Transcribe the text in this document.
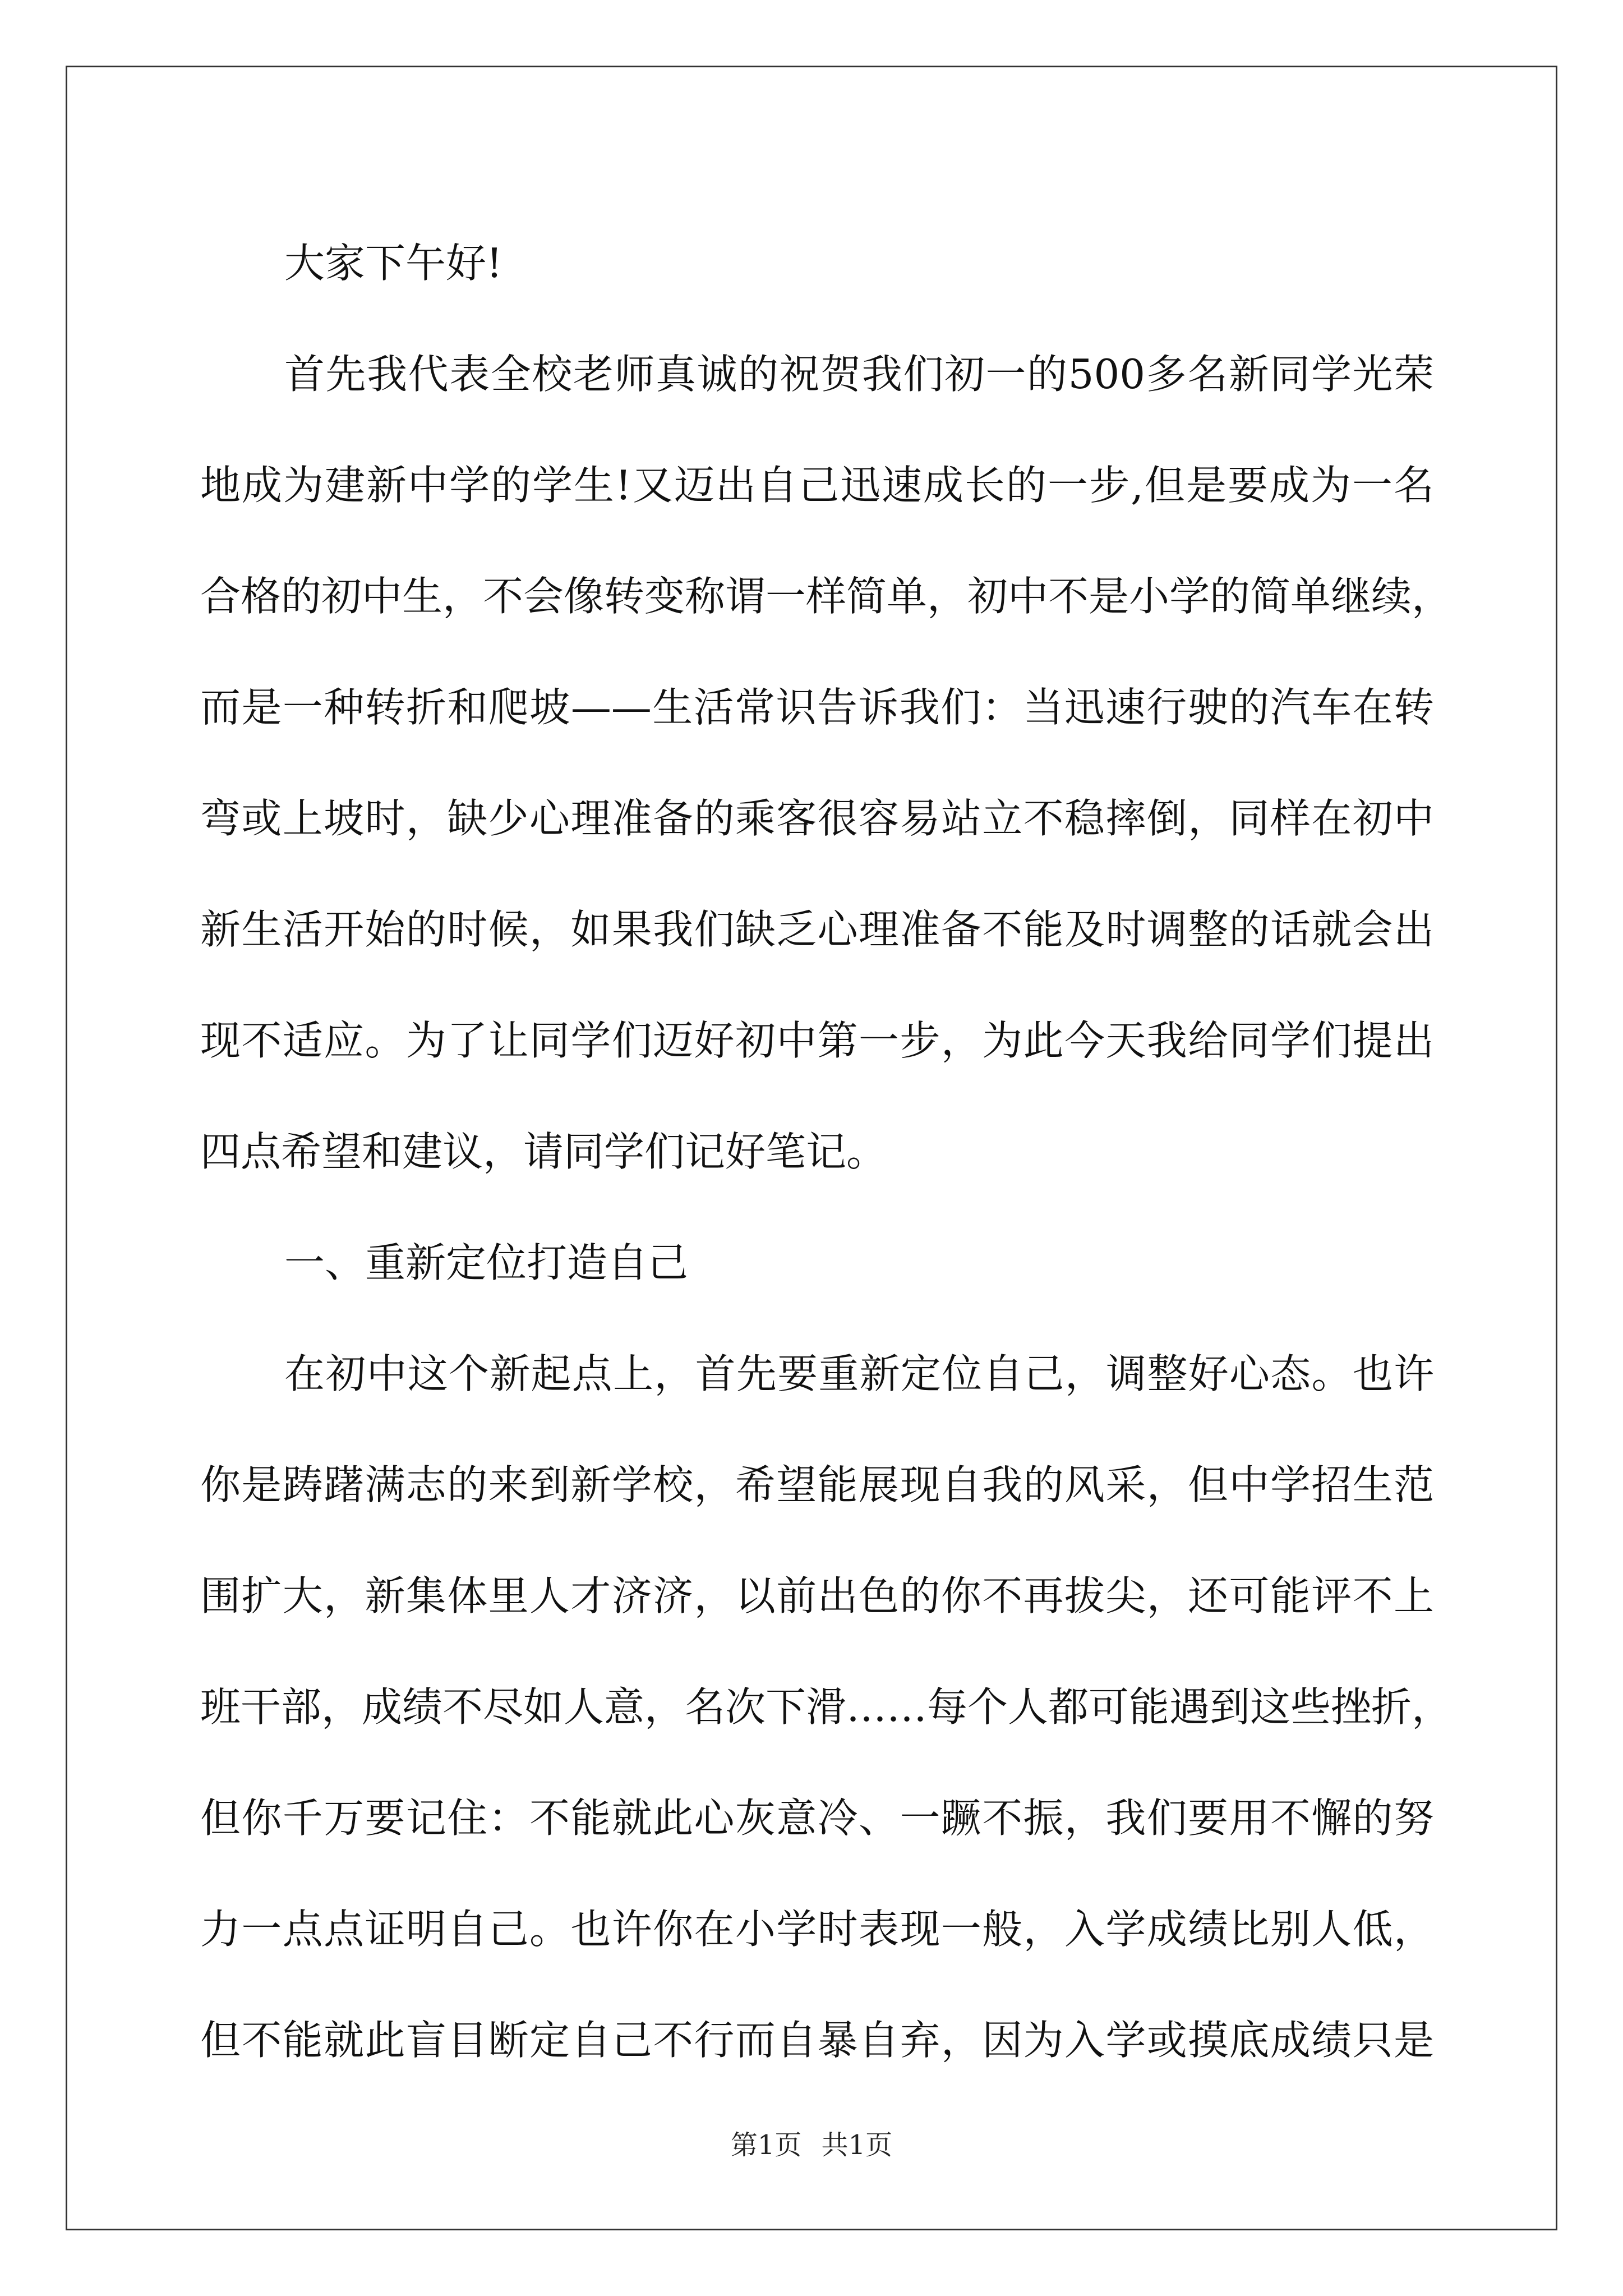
大家下午好!
首先我代表全校老师真诚的祝贺我们初一的500多名新同学光荣
地成为建新中学的学生!又迈出自己迅速成长的一步,但是要成为一名
合格的初中生，不会像转变称谓一样简单，初中不是小学的简单继续，
而是一种转折和爬坡——生活常识告诉我们：当迅速行驶的汽车在转
弯或上坡时，缺少心理准备的乘客很容易站立不稳摔倒，同样在初中
新生活开始的时候，如果我们缺乏心理准备不能及时调整的话就会出
现不适应。为了让同学们迈好初中第一步，为此今天我给同学们提出
四点希望和建议，请同学们记好笔记。
一、重新定位打造自己
在初中这个新起点上，首先要重新定位自己，调整好心态。也许
你是踌躇满志的来到新学校，希望能展现自我的风采，但中学招生范
围扩大，新集体里人才济济，以前出色的你不再拔尖，还可能评不上
班干部，成绩不尽如人意，名次下滑……每个人都可能遇到这些挫折，
但你千万要记住：不能就此心灰意冷、一蹶不振，我们要用不懈的努
力一点点证明自己。也许你在小学时表现一般，入学成绩比别人低，
但不能就此盲目断定自己不行而自暴自弃，因为入学或摸底成绩只是
第1页 共1页
